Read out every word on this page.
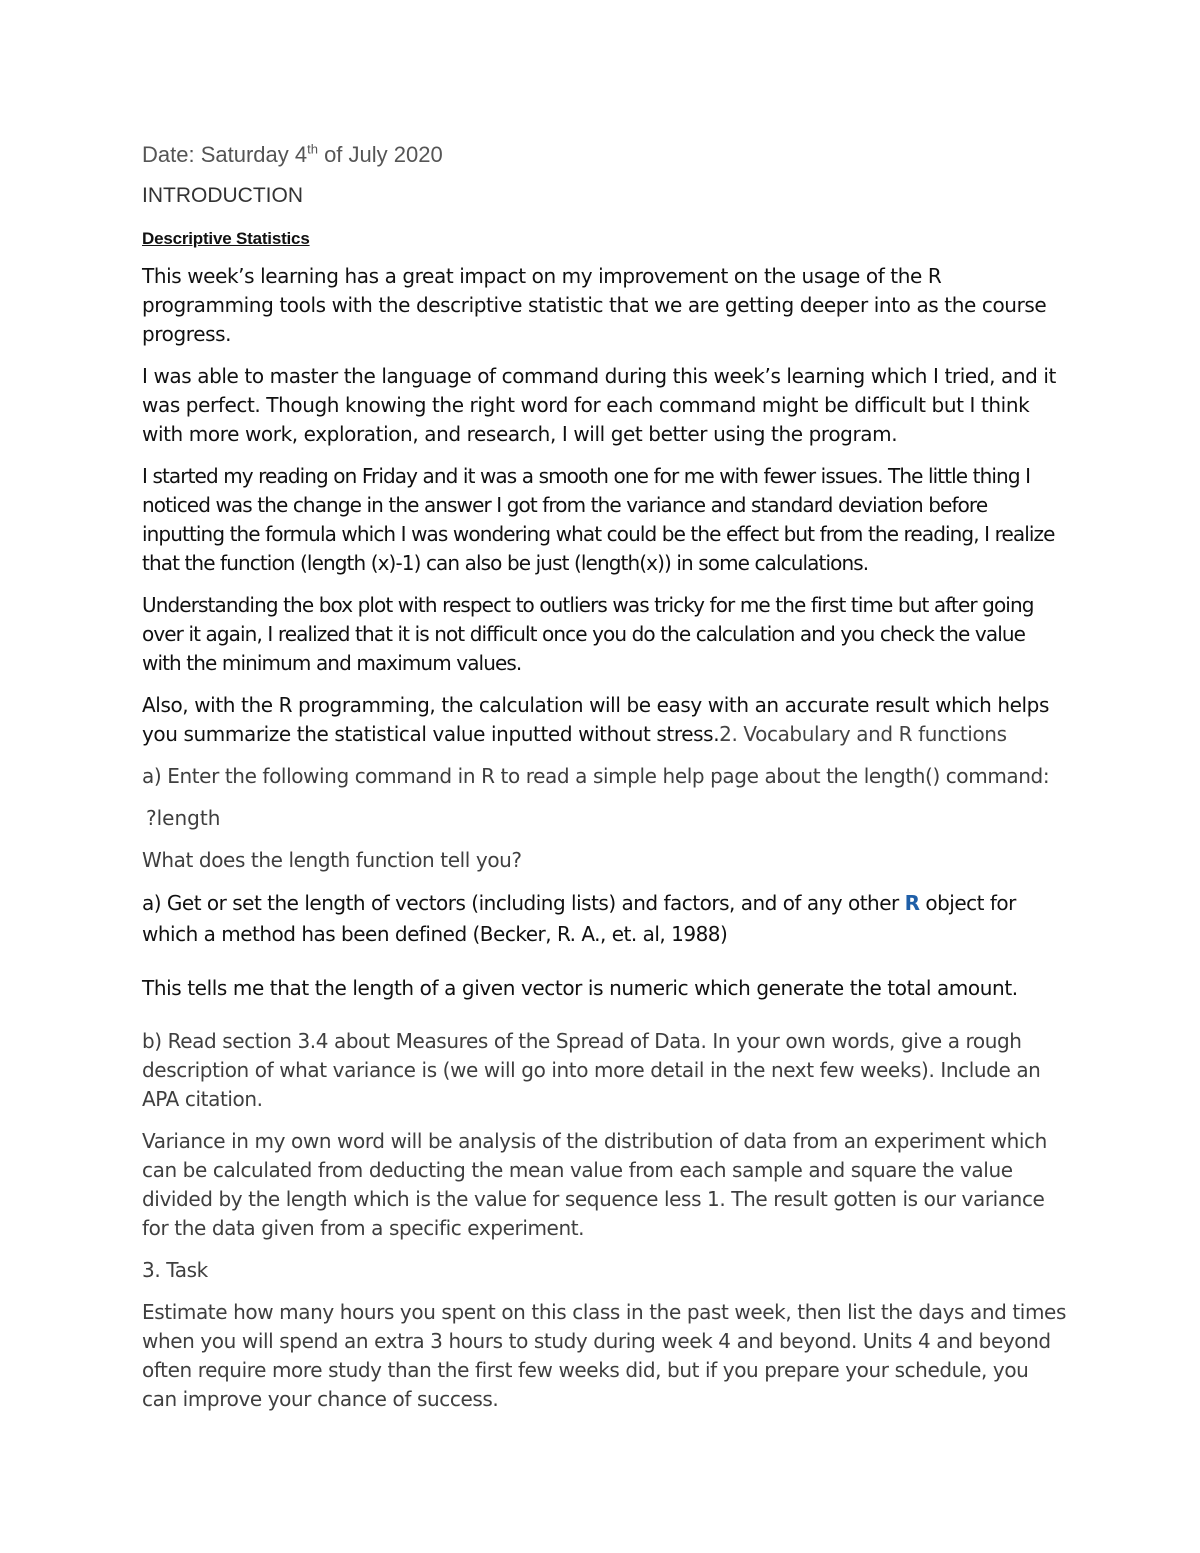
Date: Saturday 4th of July 2020
INTRODUCTION
Descriptive Statistics

This week’s learning has a great impact on my improvement on the usage of the R programming tools with the descriptive statistic that we are getting deeper into as the course progress.

I was able to master the language of command during this week’s learning which I tried, and it was perfect. Though knowing the right word for each command might be difficult but I think with more work, exploration, and research, I will get better using the program.

I started my reading on Friday and it was a smooth one for me with fewer issues. The little thing I noticed was the change in the answer I got from the variance and standard deviation before inputting the formula which I was wondering what could be the effect but from the reading, I realize that the function (length (x)-1) can also be just (length(x)) in some calculations.

Understanding the box plot with respect to outliers was tricky for me the first time but after going over it again, I realized that it is not difficult once you do the calculation and you check the value with the minimum and maximum values.

Also, with the R programming, the calculation will be easy with an accurate result which helps you summarize the statistical value inputted without stress.2. Vocabulary and R functions

a) Enter the following command in R to read a simple help page about the length() command:

?length

What does the length function tell you?

a) Get or set the length of vectors (including lists) and factors, and of any other R object for which a method has been defined (Becker, R. A., et. al, 1988)

This tells me that the length of a given vector is numeric which generate the total amount.

b) Read section 3.4 about Measures of the Spread of Data. In your own words, give a rough description of what variance is (we will go into more detail in the next few weeks). Include an APA citation.

Variance in my own word will be analysis of the distribution of data from an experiment which can be calculated from deducting the mean value from each sample and square the value divided by the length which is the value for sequence less 1. The result gotten is our variance for the data given from a specific experiment.

3. Task

Estimate how many hours you spent on this class in the past week, then list the days and times when you will spend an extra 3 hours to study during week 4 and beyond. Units 4 and beyond often require more study than the first few weeks did, but if you prepare your schedule, you can improve your chance of success.
